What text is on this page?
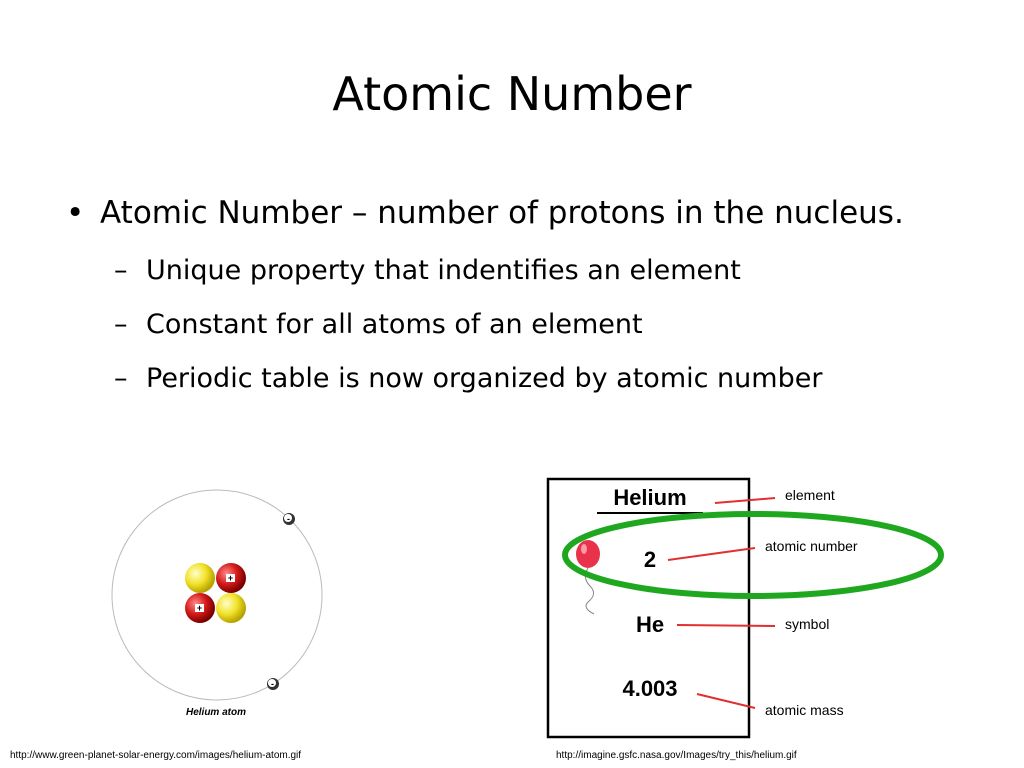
Atomic Number
• Atomic Number – number of protons in the nucleus.
– Unique property that indentifies an element
– Constant for all atoms of an element
– Periodic table is now organized by atomic number
+
+
-
-
Helium atom
Helium	element
2
atomic number
He	symbol
4.003
atomic mass
http://www.green-planet-solar-energy.com/images/helium-atom.gif	http://imagine.gsfc.nasa.gov/Images/try_this/helium.gif
